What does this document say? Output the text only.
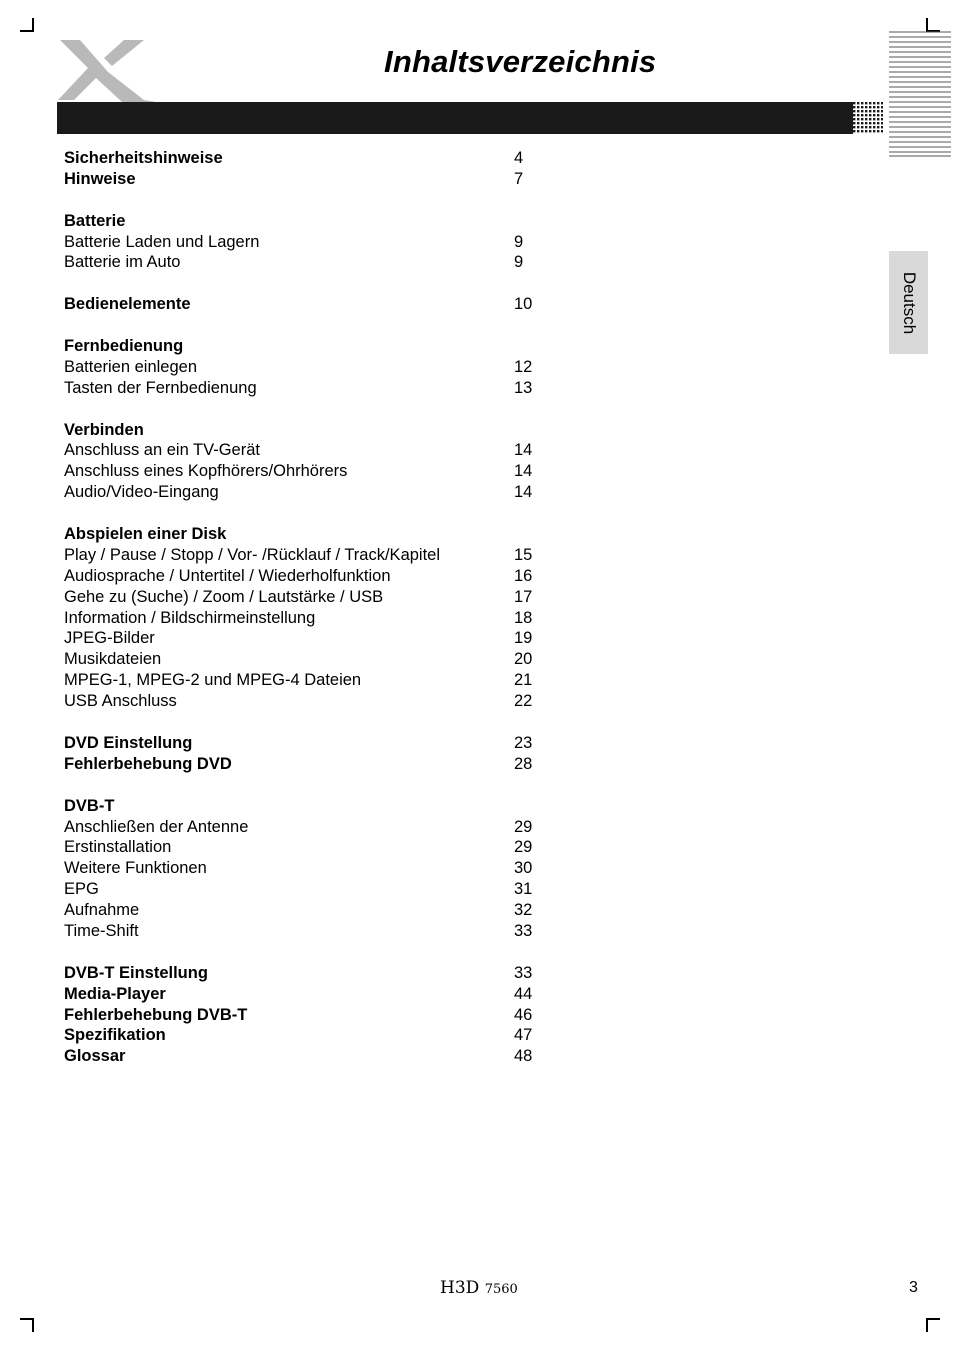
Inhaltsverzeichnis
Deutsch
Sicherheitshinweise	4
Hinweise	7
Batterie
Batterie Laden und Lagern	9
Batterie im Auto	9
Bedienelemente	10
Fernbedienung
Batterien einlegen	12
Tasten der Fernbedienung	13
Verbinden
Anschluss an ein TV-Gerät	14
Anschluss eines Kopfhörers/Ohrhörers	14
Audio/Video-Eingang	14
Abspielen einer Disk
Play / Pause / Stopp / Vor- /Rücklauf / Track/Kapitel	15
Audiosprache / Untertitel / Wiederholfunktion	16
Gehe zu (Suche) / Zoom / Lautstärke / USB	17
Information / Bildschirmeinstellung	18
JPEG-Bilder	19
Musikdateien	20
MPEG-1, MPEG-2 und MPEG-4 Dateien	21
USB Anschluss	22
DVD Einstellung	23
Fehlerbehebung DVD	28
DVB-T
Anschließen der Antenne	29
Erstinstallation	29
Weitere Funktionen	30
EPG	31
Aufnahme	32
Time-Shift	33
DVB-T Einstellung	33
Media-Player	44
Fehlerbehebung DVB-T	46
Spezifikation	47
Glossar	48
H3D 7560	3
